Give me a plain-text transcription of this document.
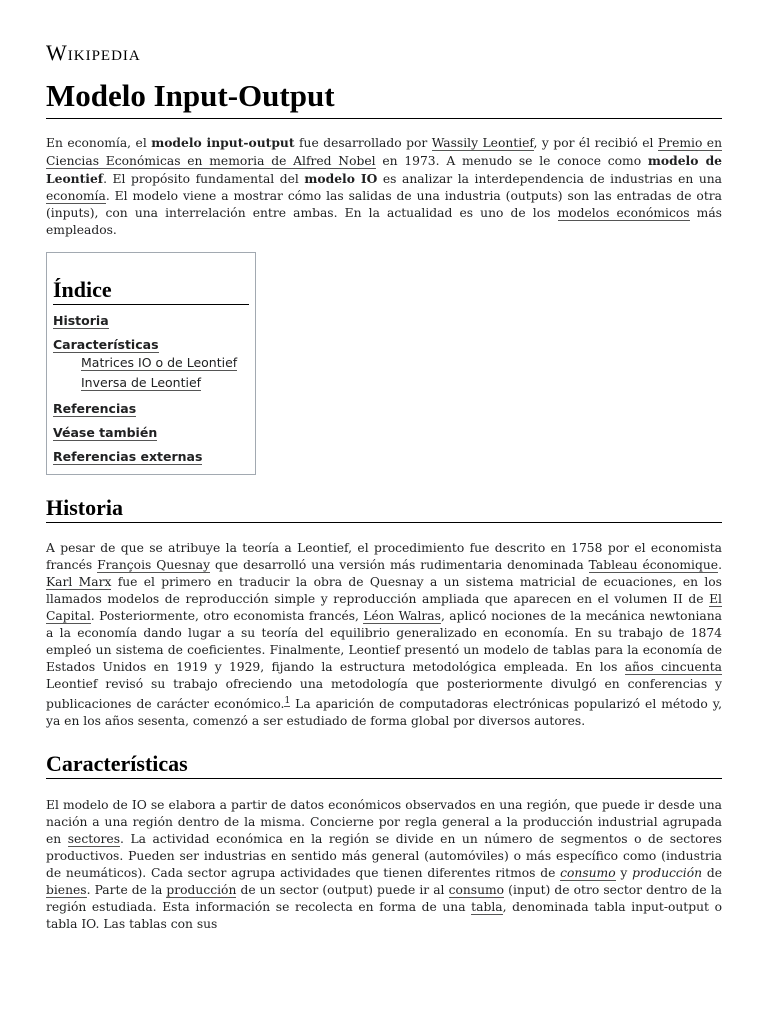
Wikipedia
Modelo Input-Output

En economía, el modelo input-output fue desarrollado por Wassily Leontief, y por él recibió el Premio en Ciencias Económicas en memoria de Alfred Nobel en 1973. A menudo se le conoce como modelo de Leontief. El propósito fundamental del modelo IO es analizar la interdependencia de industrias en una economía. El modelo viene a mostrar cómo las salidas de una industria (outputs) son las entradas de otra (inputs), con una interrelación entre ambas. En la actualidad es uno de los modelos económicos más empleados.

Índice
Historia
Características
Matrices IO o de Leontief
Inversa de Leontief
Referencias
Véase también
Referencias externas
Historia

A pesar de que se atribuye la teoría a Leontief, el procedimiento fue descrito en 1758 por el economista francés François Quesnay que desarrolló una versión más rudimentaria denominada Tableau économique. Karl Marx fue el primero en traducir la obra de Quesnay a un sistema matricial de ecuaciones, en los llamados modelos de reproducción simple y reproducción ampliada que aparecen en el volumen II de El Capital. Posteriormente, otro economista francés, Léon Walras, aplicó nociones de la mecánica newtoniana a la economía dando lugar a su teoría del equilibrio generalizado en economía. En su trabajo de 1874 empleó un sistema de coeficientes. Finalmente, Leontief presentó un modelo de tablas para la economía de Estados Unidos en 1919 y 1929, fijando la estructura metodológica empleada. En los años cincuenta Leontief revisó su trabajo ofreciendo una metodología que posteriormente divulgó en conferencias y publicaciones de carácter económico.$^1$ La aparición de computadoras electrónicas popularizó el método y, ya en los años sesenta, comenzó a ser estudiado de forma global por diversos autores.

Características

El modelo de IO se elabora a partir de datos económicos observados en una región, que puede ir desde una nación a una región dentro de la misma. Concierne por regla general a la producción industrial agrupada en sectores. La actividad económica en la región se divide en un número de segmentos o de sectores productivos. Pueden ser industrias en sentido más general (automóviles) o más específico como (industria de neumáticos). Cada sector agrupa actividades que tienen diferentes ritmos de consumo y producción de bienes. Parte de la producción de un sector (output) puede ir al consumo (input) de otro sector dentro de la región estudiada. Esta información se recolecta en forma de una tabla, denominada tabla input-output o tabla IO. Las tablas con sus
